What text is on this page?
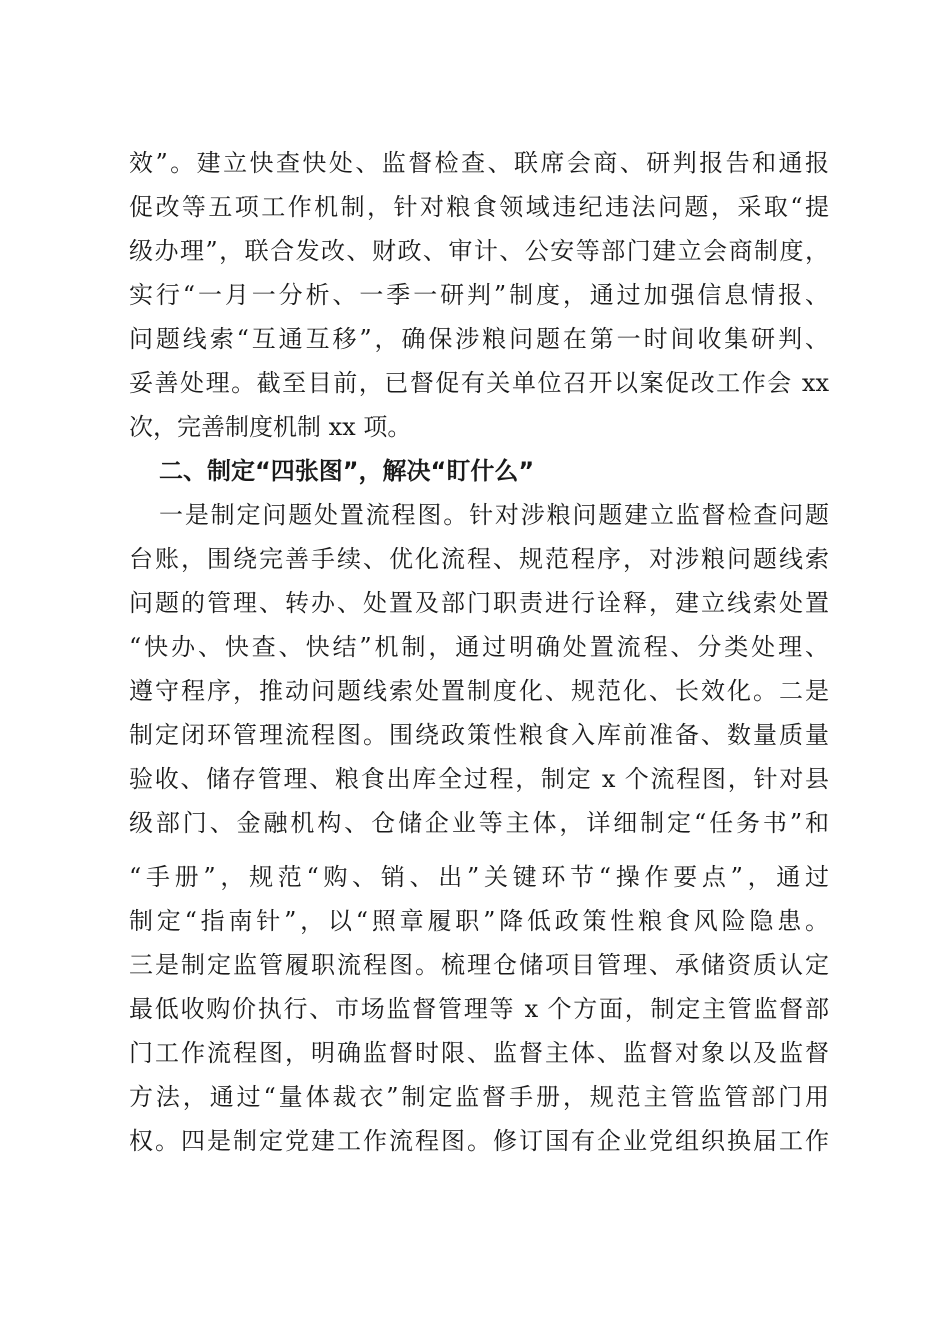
效”。建立快查快处、监督检查、联席会商、研判报告和通报
促改等五项工作机制，针对粮食领域违纪违法问题，采取“提
级办理”，联合发改、财政、审计、公安等部门建立会商制度，
实行“一月一分析、一季一研判”制度，通过加强信息情报、
问题线索“互通互移”，确保涉粮问题在第一时间收集研判、
妥善处理。截至目前，已督促有关单位召开以案促改工作会 xx
次，完善制度机制 xx 项。
二、制定“四张图”，解决“盯什么”
一是制定问题处置流程图。针对涉粮问题建立监督检查问题
台账，围绕完善手续、优化流程、规范程序，对涉粮问题线索
问题的管理、转办、处置及部门职责进行诠释，建立线索处置
“快办、快查、快结”机制，通过明确处置流程、分类处理、
遵守程序，推动问题线索处置制度化、规范化、长效化。二是
制定闭环管理流程图。围绕政策性粮食入库前准备、数量质量
验收、储存管理、粮食出库全过程，制定 x 个流程图，针对县
级部门、金融机构、仓储企业等主体，详细制定“任务书”和
“手册”，规范“购、销、出”关键环节“操作要点”，通过
制定“指南针”，以“照章履职”降低政策性粮食风险隐患。
三是制定监管履职流程图。梳理仓储项目管理、承储资质认定
最低收购价执行、市场监督管理等 x 个方面，制定主管监督部
门工作流程图，明确监督时限、监督主体、监督对象以及监督
方法，通过“量体裁衣”制定监督手册，规范主管监管部门用
权。四是制定党建工作流程图。修订国有企业党组织换届工作
